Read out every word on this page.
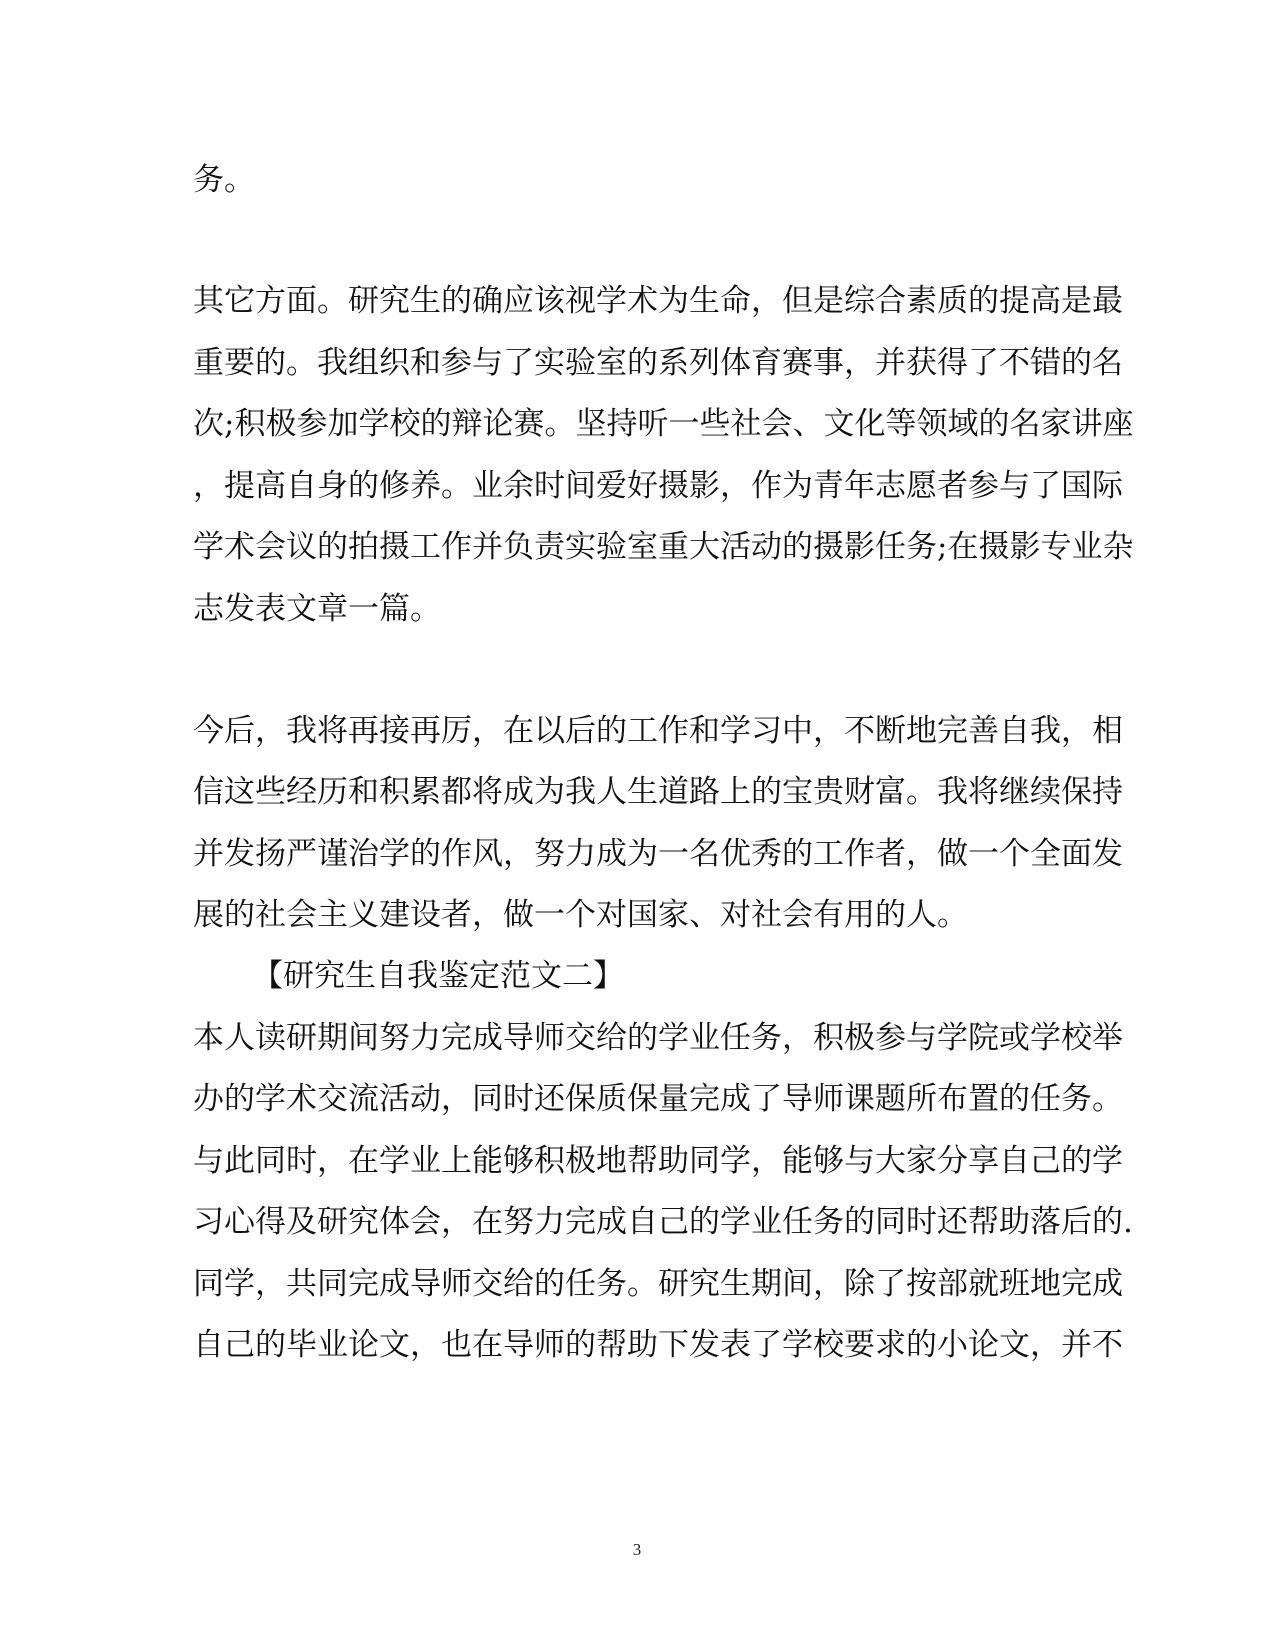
务。
其它方面。研究生的确应该视学术为生命，但是综合素质的提高是最
重要的。我组织和参与了实验室的系列体育赛事，并获得了不错的名
次;积极参加学校的辩论赛。坚持听一些社会、文化等领域的名家讲座
，提高自身的修养。业余时间爱好摄影，作为青年志愿者参与了国际
学术会议的拍摄工作并负责实验室重大活动的摄影任务;在摄影专业杂
志发表文章一篇。
今后，我将再接再厉，在以后的工作和学习中，不断地完善自我，相
信这些经历和积累都将成为我人生道路上的宝贵财富。我将继续保持
并发扬严谨治学的作风，努力成为一名优秀的工作者，做一个全面发
展的社会主义建设者，做一个对国家、对社会有用的人。
【研究生自我鉴定范文二】
本人读研期间努力完成导师交给的学业任务，积极参与学院或学校举
办的学术交流活动，同时还保质保量完成了导师课题所布置的任务。
与此同时，在学业上能够积极地帮助同学，能够与大家分享自己的学
习心得及研究体会，在努力完成自己的学业任务的同时还帮助落后的.
同学，共同完成导师交给的任务。研究生期间，除了按部就班地完成
自己的毕业论文，也在导师的帮助下发表了学校要求的小论文，并不
3
